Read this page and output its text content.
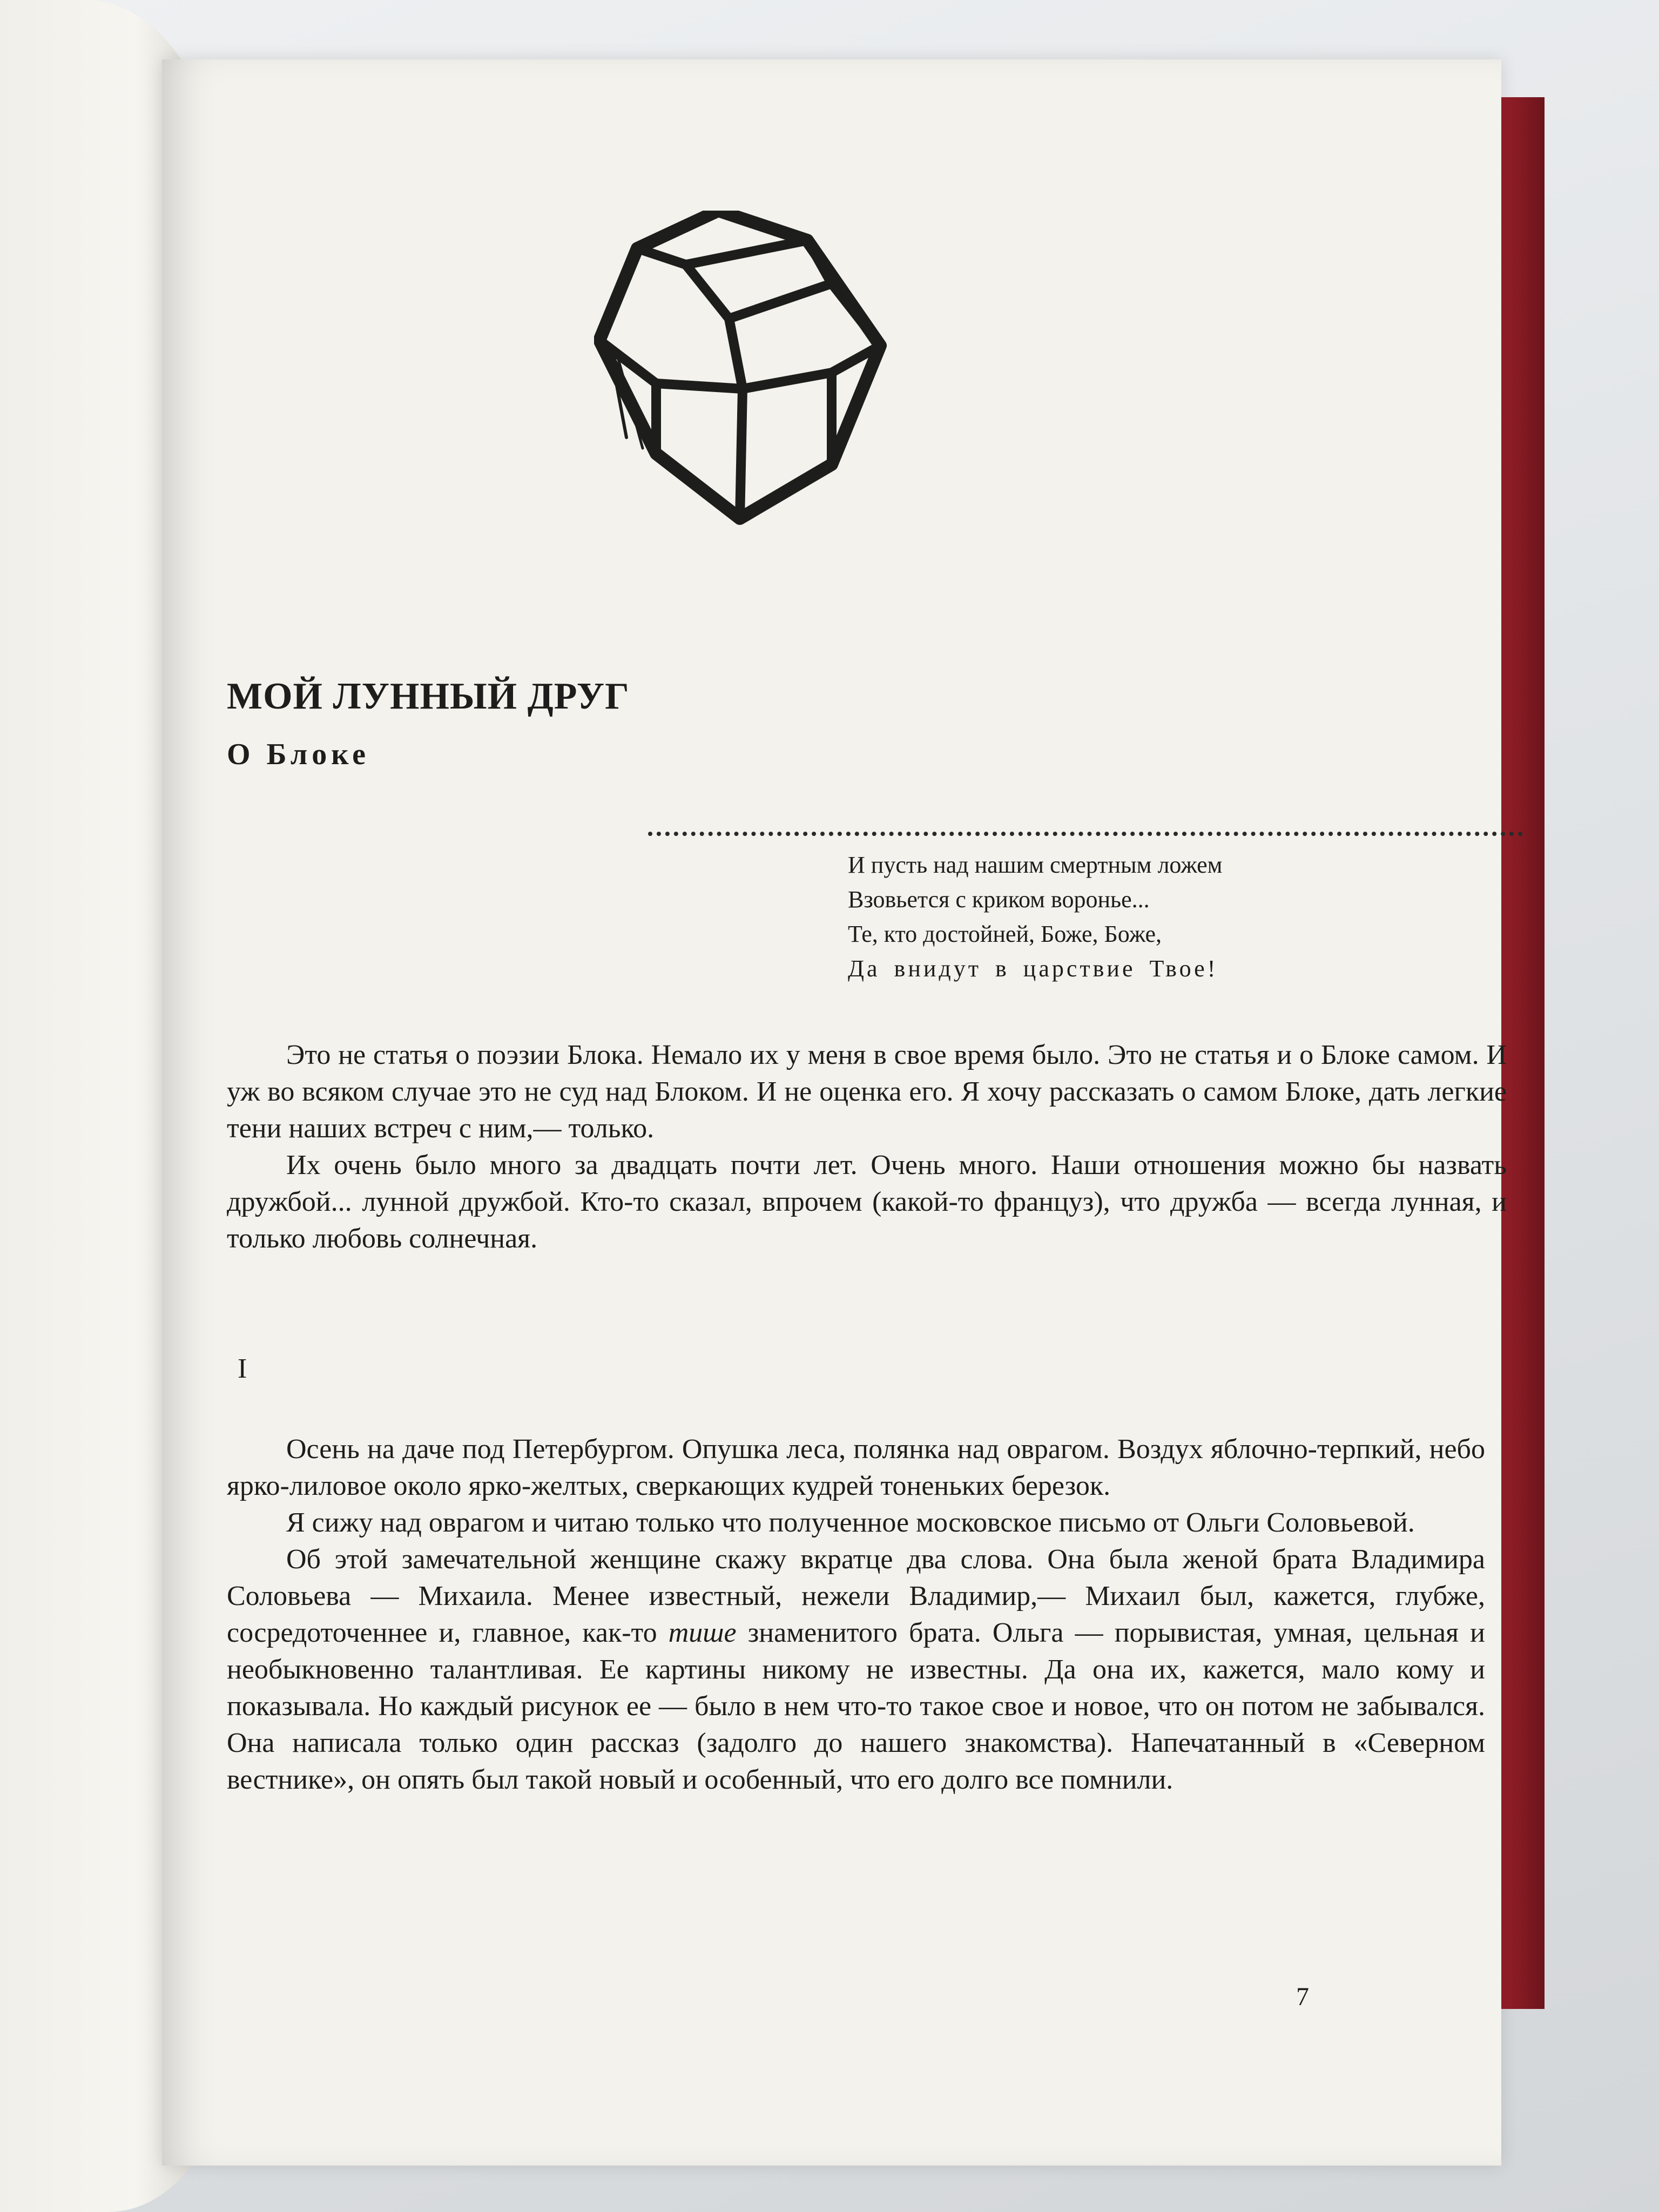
МОЙ ЛУННЫЙ ДРУГ
О Блоке
И пусть над нашим смертным ложем
Взовьется с криком воронье...
Те, кто достойней, Боже, Боже,
Да внидут в царствие Твое!

Это не статья о поэзии Блока. Немало их у меня в свое время было. Это не статья и о Блоке самом. И уж во всяком случае это не суд над Блоком. И не оценка его. Я хочу рассказать о самом Блоке, дать легкие тени наших встреч с ним,— только.

Их очень было много за двадцать почти лет. Очень много. Наши отношения можно бы назвать дружбой... лунной дружбой. Кто-то сказал, впрочем (какой-то француз), что дружба — всегда лунная, и только любовь солнечная.

I

Осень на даче под Петербургом. Опушка леса, полянка над оврагом. Воздух яблочно-терпкий, небо ярко-лиловое около ярко-желтых, сверкающих кудрей тоненьких березок.

Я сижу над оврагом и читаю только что полученное московское письмо от Ольги Соловьевой.

Об этой замечательной женщине скажу вкратце два слова. Она была женой брата Владимира Соловьева — Михаила. Менее известный, нежели Владимир,— Михаил был, кажется, глубже, сосредоточеннее и, главное, как-то тише знаменитого брата. Ольга — порывистая, умная, цельная и необыкновенно талантливая. Ее картины никому не известны. Да она их, кажется, мало кому и показывала. Но каждый рисунок ее — было в нем что-то такое свое и новое, что он потом не забывался. Она написала только один рассказ (задолго до нашего знакомства). Напечатанный в «Северном вестнике», он опять был такой новый и особенный, что его долго все помнили.

7
